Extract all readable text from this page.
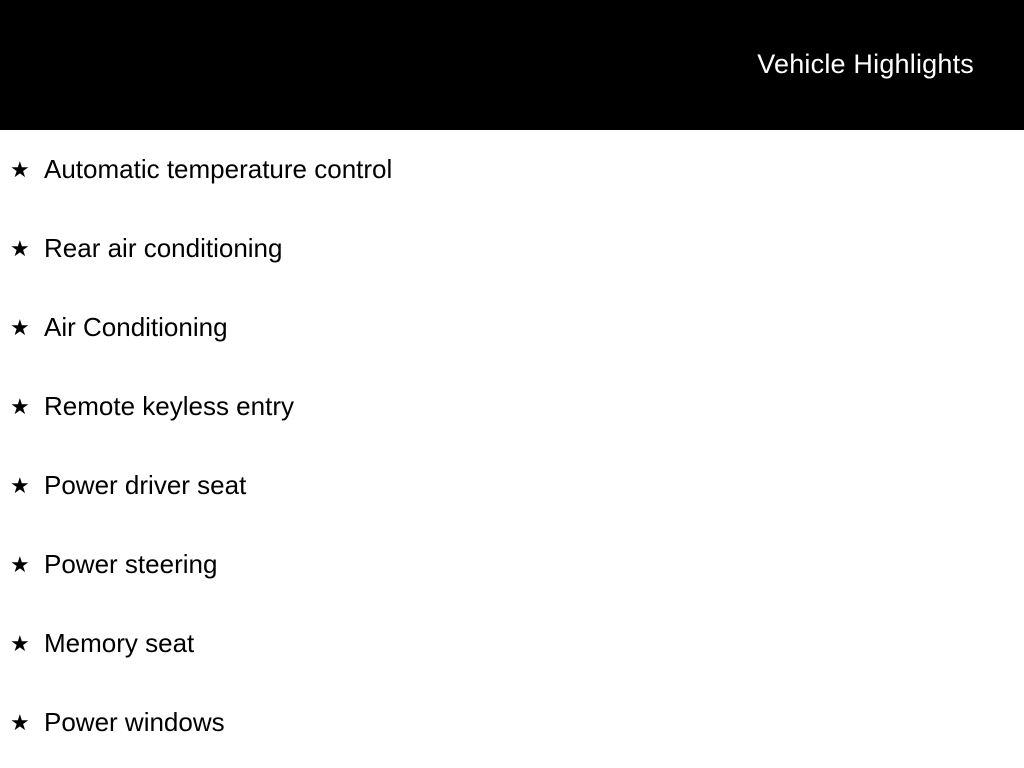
Vehicle Highlights
★ Automatic temperature control
★ Rear air conditioning
★ Air Conditioning
★ Remote keyless entry
★ Power driver seat
★ Power steering
★ Memory seat
★ Power windows
